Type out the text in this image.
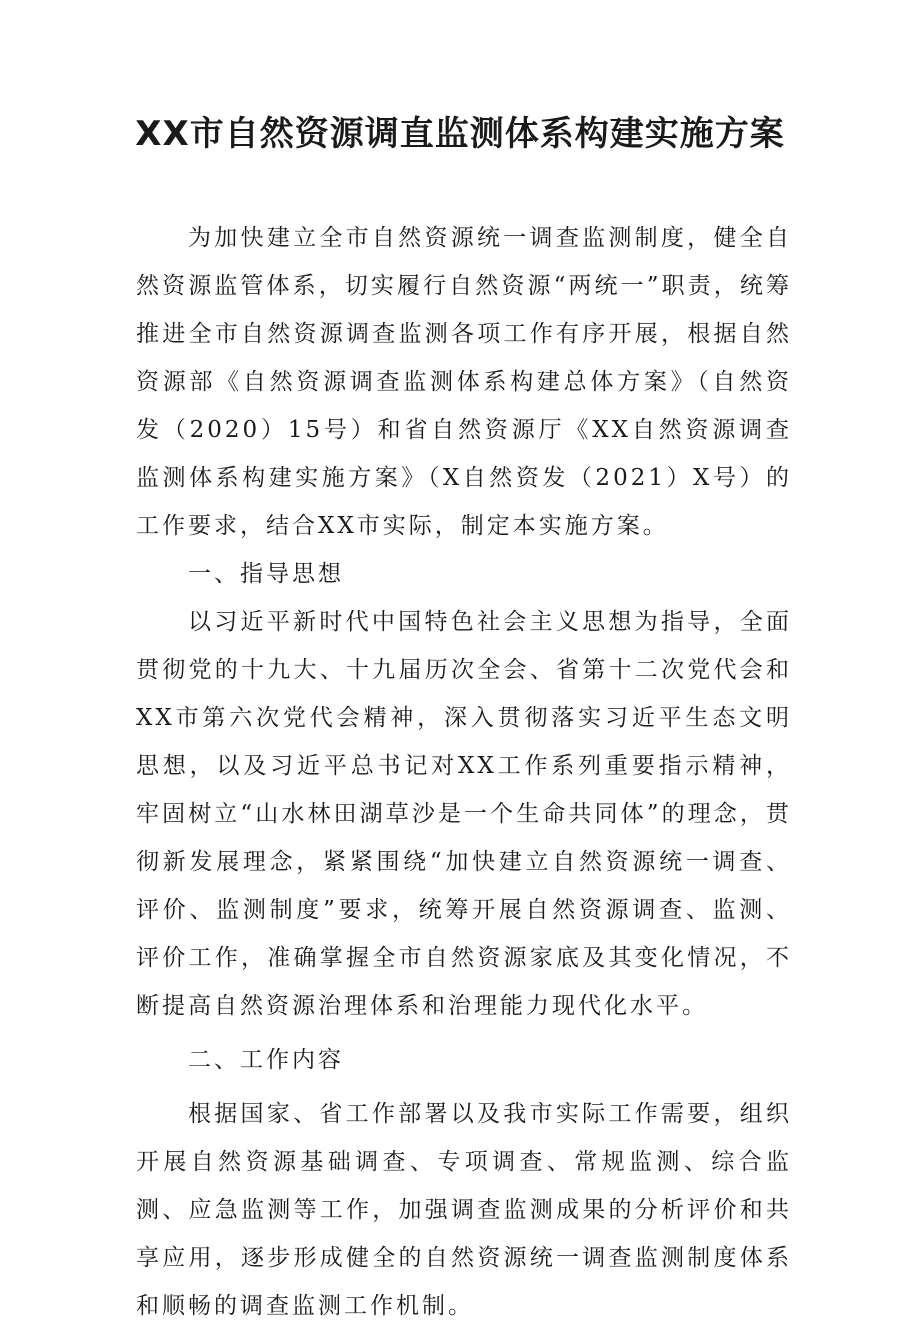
XX市自然资源调直监测体系构建实施方案

为加快建立全市自然资源统一调查监测制度，健全自然资源监管体系，切实履行自然资源“两统一”职责，统筹推进全市自然资源调查监测各项工作有序开展，根据自然资源部《自然资源调查监测体系构建总体方案》（自然资发（2020）15号）和省自然资源厅《XX自然资源调查监测体系构建实施方案》（X自然资发（2021）X号）的工作要求，结合XX市实际，制定本实施方案。

一、指导思想

以习近平新时代中国特色社会主义思想为指导，全面贯彻党的十九大、十九届历次全会、省第十二次党代会和XX市第六次党代会精神，深入贯彻落实习近平生态文明思想，以及习近平总书记对XX工作系列重要指示精神，牢固树立“山水林田湖草沙是一个生命共同体”的理念，贯彻新发展理念，紧紧围绕“加快建立自然资源统一调查、评价、监测制度”要求，统筹开展自然资源调查、监测、评价工作，准确掌握全市自然资源家底及其变化情况，不断提高自然资源治理体系和治理能力现代化水平。

二、工作内容

根据国家、省工作部署以及我市实际工作需要，组织开展自然资源基础调查、专项调查、常规监测、综合监测、应急监测等工作，加强调查监测成果的分析评价和共享应用，逐步形成健全的自然资源统一调查监测制度体系和顺畅的调查监测工作机制。
